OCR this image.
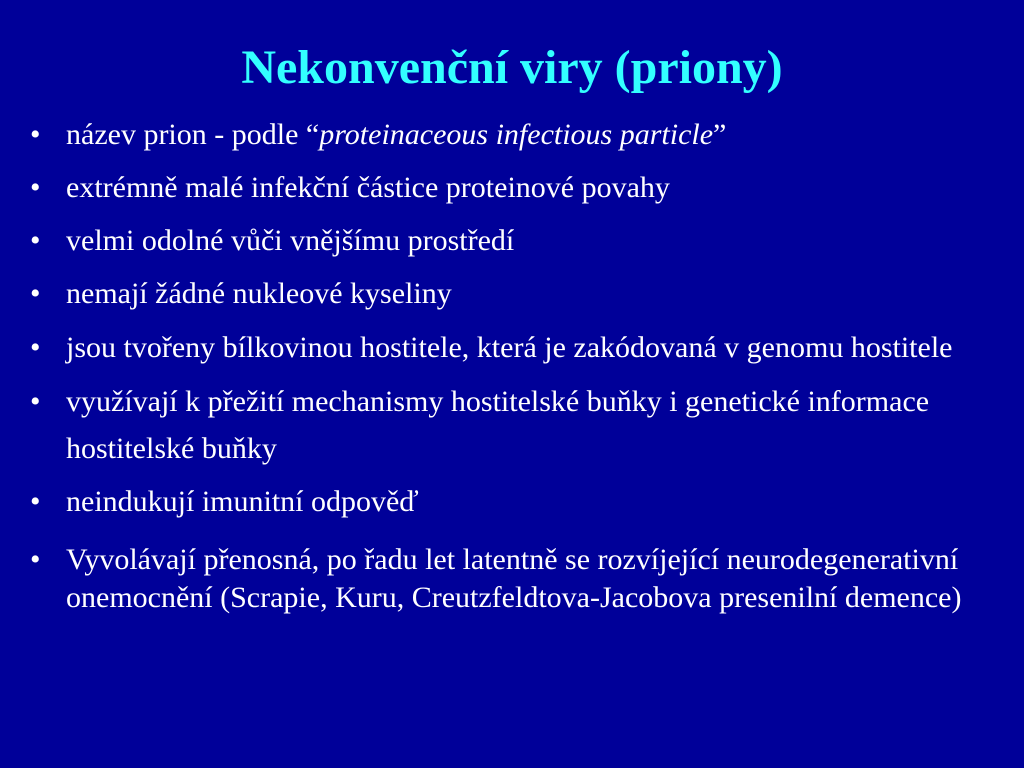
Nekonvenční viry (priony)
• název prion - podle “proteinaceous infectious particle”
• extrémně malé infekční částice proteinové povahy
• velmi odolné vůči vnějšímu prostředí
• nemají žádné nukleové kyseliny
• jsou tvořeny bílkovinou hostitele, která je zakódovaná v genomu hostitele
• využívají k přežití mechanismy hostitelské buňky i genetické informace hostitelské buňky
• neindukují imunitní odpověď
• Vyvolávají přenosná, po řadu let latentně se rozvíjející neurodegenerativní onemocnění (Scrapie, Kuru, Creutzfeldtova-Jacobova presenilní demence)
